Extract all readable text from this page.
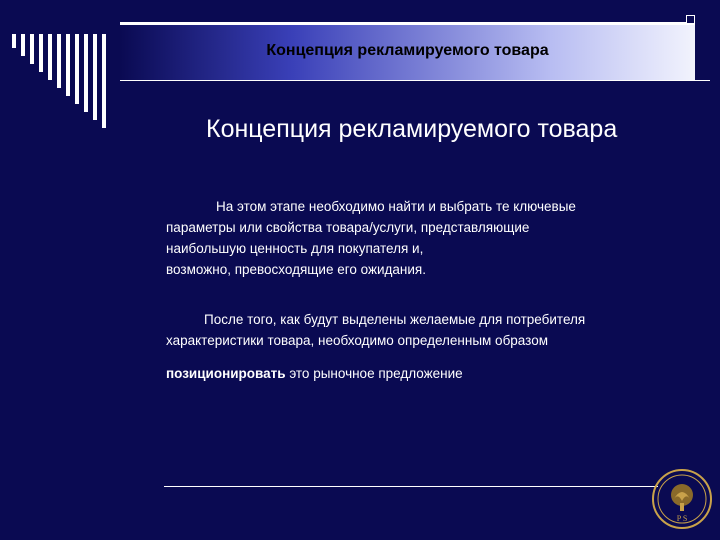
Концепция рекламируемого товара
Концепция рекламируемого товара
На этом этапе необходимо найти и выбрать те ключевые
параметры или свойства товара/услуги, представляющие
наибольшую ценность для покупателя и,
возможно, превосходящие его ожидания.
После того, как будут выделены желаемые для потребителя
характеристики товара, необходимо определенным образом
позиционировать это рыночное предложение
P S
